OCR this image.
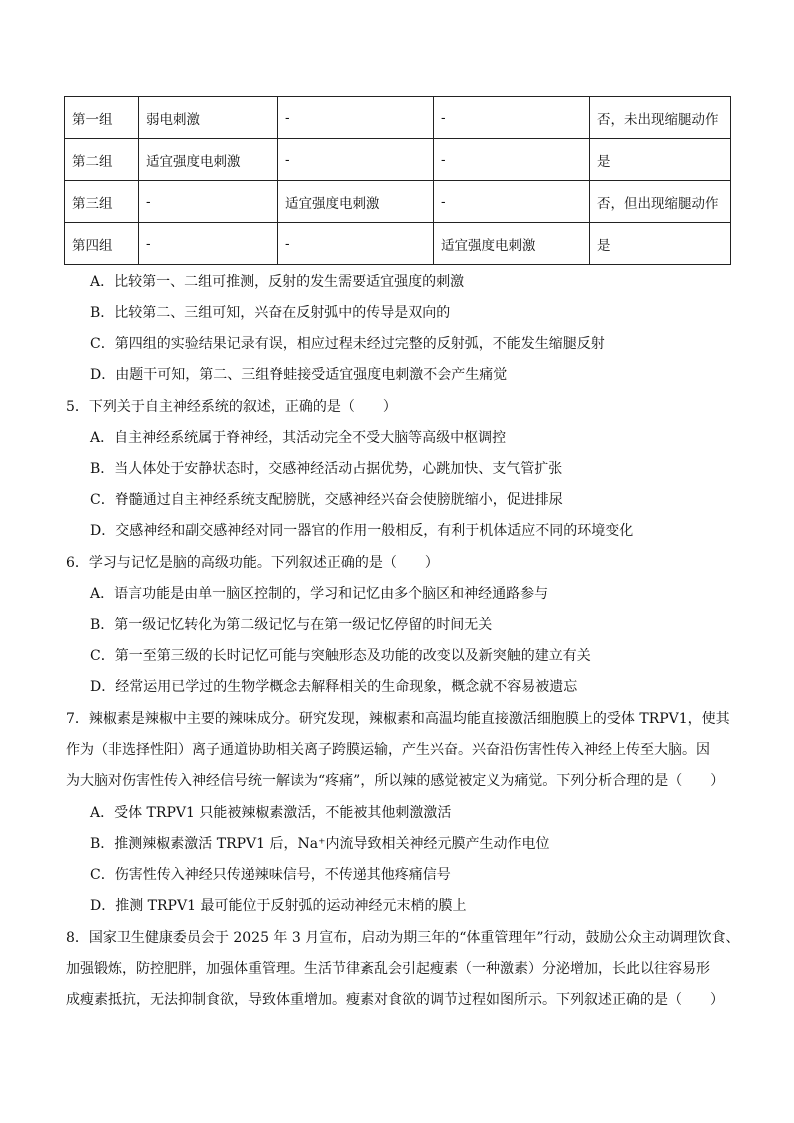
第一组	弱电刺激	-	-	否，未出现缩腿动作
第二组	适宜强度电刺激	-	-	是
第三组	-	适宜强度电刺激	-	否，但出现缩腿动作
第四组	-	-	适宜强度电刺激	是
A．比较第一、二组可推测，反射的发生需要适宜强度的刺激
B．比较第二、三组可知，兴奋在反射弧中的传导是双向的
C．第四组的实验结果记录有误，相应过程未经过完整的反射弧，不能发生缩腿反射
D．由题干可知，第二、三组脊蛙接受适宜强度电刺激不会产生痛觉
5．下列关于自主神经系统的叙述，正确的是（　　）
A．自主神经系统属于脊神经，其活动完全不受大脑等高级中枢调控
B．当人体处于安静状态时，交感神经活动占据优势，心跳加快、支气管扩张
C．脊髓通过自主神经系统支配膀胱，交感神经兴奋会使膀胱缩小，促进排尿
D．交感神经和副交感神经对同一器官的作用一般相反，有利于机体适应不同的环境变化
6．学习与记忆是脑的高级功能。下列叙述正确的是（　　）
A．语言功能是由单一脑区控制的，学习和记忆由多个脑区和神经通路参与
B．第一级记忆转化为第二级记忆与在第一级记忆停留的时间无关
C．第一至第三级的长时记忆可能与突触形态及功能的改变以及新突触的建立有关
D．经常运用已学过的生物学概念去解释相关的生命现象，概念就不容易被遗忘
7．辣椒素是辣椒中主要的辣味成分。研究发现，辣椒素和高温均能直接激活细胞膜上的受体 TRPV1，使其
作为（非选择性阳）离子通道协助相关离子跨膜运输，产生兴奋。兴奋沿伤害性传入神经上传至大脑。因
为大脑对伤害性传入神经信号统一解读为“疼痛”，所以辣的感觉被定义为痛觉。下列分析合理的是（　　）
A．受体 TRPV1 只能被辣椒素激活，不能被其他刺激激活
B．推测辣椒素激活 TRPV1 后，Na⁺内流导致相关神经元膜产生动作电位
C．伤害性传入神经只传递辣味信号，不传递其他疼痛信号
D．推测 TRPV1 最可能位于反射弧的运动神经元末梢的膜上
8．国家卫生健康委员会于 2025 年 3 月宣布，启动为期三年的“体重管理年”行动，鼓励公众主动调理饮食、
加强锻炼，防控肥胖，加强体重管理。生活节律紊乱会引起瘦素（一种激素）分泌增加，长此以往容易形
成瘦素抵抗，无法抑制食欲，导致体重增加。瘦素对食欲的调节过程如图所示。下列叙述正确的是（　　）
